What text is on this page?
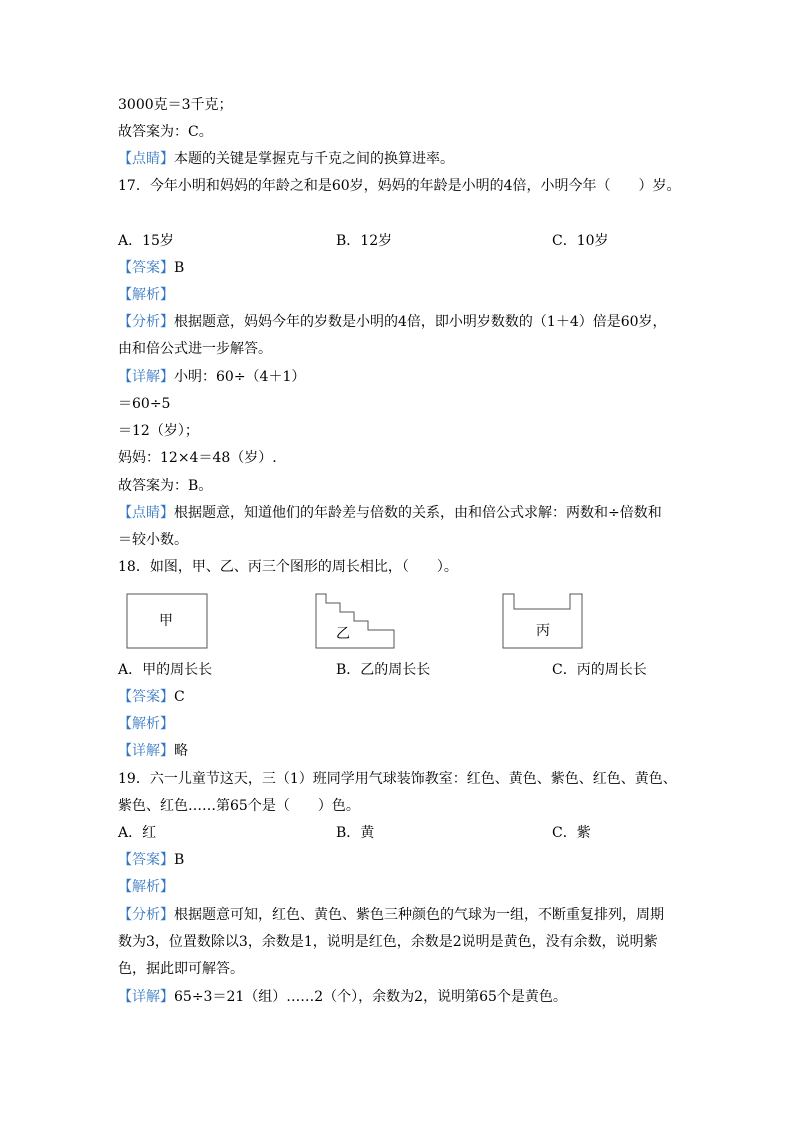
3000克＝3千克；
故答案为：C。
【点睛】本题的关键是掌握克与千克之间的换算进率。
17．今年小明和妈妈的年龄之和是60岁，妈妈的年龄是小明的4倍，小明今年（　　）岁。
A．15岁	B．12岁	C．10岁
【答案】B
【解析】
【分析】根据题意，妈妈今年的岁数是小明的4倍，即小明岁数数的（1＋4）倍是60岁，
由和倍公式进一步解答。
【详解】小明：60÷（4＋1）
＝60÷5
＝12（岁）；
妈妈：12×4＝48（岁）.
故答案为：B。
【点睛】根据题意，知道他们的年龄差与倍数的关系，由和倍公式求解：两数和÷倍数和
＝较小数。
18．如图，甲、乙、丙三个图形的周长相比，（　　）。
甲
乙	丙
A．甲的周长长	B．乙的周长长	C．丙的周长长
【答案】C
【解析】
【详解】略
19．六一儿童节这天，三（1）班同学用气球装饰教室：红色、黄色、紫色、红色、黄色、
紫色、红色……第65个是（　　）色。
A．红	B．黄	C．紫
【答案】B
【解析】
【分析】根据题意可知，红色、黄色、紫色三种颜色的气球为一组，不断重复排列，周期
数为3，位置数除以3，余数是1，说明是红色，余数是2说明是黄色，没有余数，说明紫
色，据此即可解答。
【详解】65÷3＝21（组）……2（个），余数为2，说明第65个是黄色。
